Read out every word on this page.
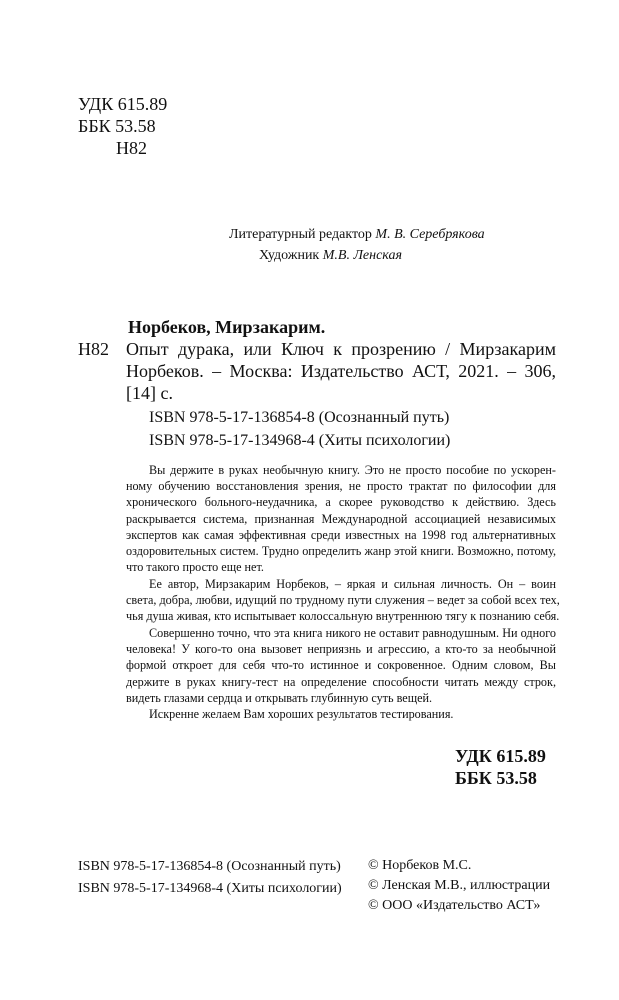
УДК 615.89
ББК 53.58
Н82
Литературный редактор М. В. Серебрякова
Художник М.В. Ленская
Норбеков, Мирзакарим.
Н82 Опыт дурака, или Ключ к прозрению / Мирзакарим
Норбеков. – Москва: Издательство АСТ, 2021. – 306,
[14] с.
ISBN 978-5-17-136854-8 (Осознанный путь)
ISBN 978-5-17-134968-4 (Хиты психологии)
Вы держите в руках необычную книгу. Это не просто пособие по ускорен-
ному обучению восстановления зрения, не просто трактат по философии для
хронического больного-неудачника, а скорее руководство к действию. Здесь
раскрывается система, признанная Международной ассоциацией независимых
экспертов как самая эффективная среди известных на 1998 год альтернативных
оздоровительных систем. Трудно определить жанр этой книги. Возможно, потому,
что такого просто еще нет.
Ее автор, Мирзакарим Норбеков, – яркая и сильная личность. Он – воин
света, добра, любви, идущий по трудному пути служения – ведет за собой всех тех,
чья душа живая, кто испытывает колоссальную внутреннюю тягу к познанию себя.
Совершенно точно, что эта книга никого не оставит равнодушным. Ни одного
человека! У кого-то она вызовет неприязнь и агрессию, а кто-то за необычной
формой откроет для себя что-то истинное и сокровенное. Одним словом, Вы
держите в руках книгу-тест на определение способности читать между строк,
видеть глазами сердца и открывать глубинную суть вещей.
Искренне желаем Вам хороших результатов тестирования.
УДК 615.89
ББК 53.58
ISBN 978-5-17-136854-8 (Осознанный путь)
ISBN 978-5-17-134968-4 (Хиты психологии)
© Норбеков М.С.
© Ленская М.В., иллюстрации
© ООО «Издательство АСТ»
